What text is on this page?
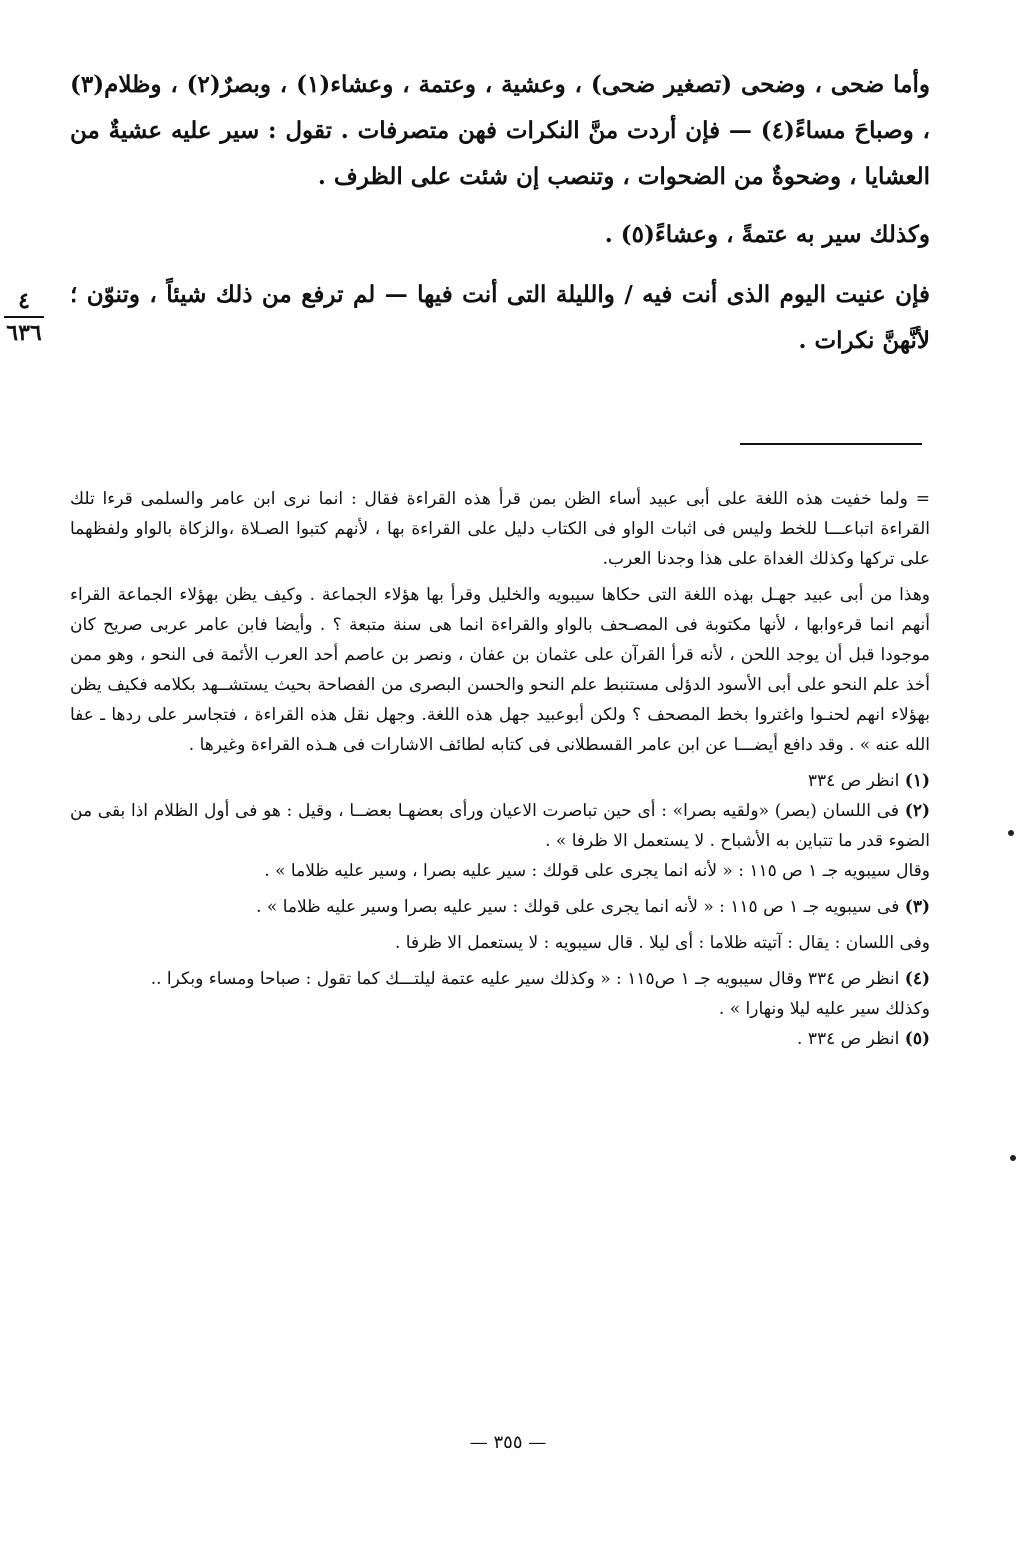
وأما ضحى ، وضحى (تصغير ضحى) ، وعشية ، وعتمة ، وعشاء(١) ، وبصرٌ(٢) ، وظلام(٣) ، وصباحَ مساءً(٤) — فإن أردت منَّ النكرات فهن متصرفات . تقول : سير عليه عشيةٌ من العشايا ، وضحوةٌ من الضحوات ، وتنصب إن شئت على الظرف .

وكذلك سير به عتمةً ، وعشاءً(٥) .

فإن عنيت اليوم الذى أنت فيه / والليلة التى أنت فيها — لم ترفع من ذلك شيئاً ، وتنوّن ؛ لأنَّهنَّ نكرات .

٤
٦٣٦

= ولما خفيت هذه اللغة على أبى عبيد أساء الظن بمن قرأ هذه القراءة فقال : انما نرى ابن عامر والسلمى قرءا تلك القراءة اتباعـــا للخط وليس فى اثبات الواو فى الكتاب دليل على القراءة بها ، لأنهم كتبوا الصـلاة ،والزكاة بالواو ولفظهما على تركها وكذلك الغداة على هذا وجدنا العرب.

وهذا من أبى عبيد جهـل بهذه اللغة التى حكاها سيبويه والخليل وقرأ بها هؤلاء الجماعة . وكيف يظن بهؤلاء الجماعة القراء أنهم انما قرءوابها ، لأنها مكتوبة فى المصـحف بالواو والقراءة انما هى سنة متبعة ؟ . وأيضا فابن عامر عربى صريح كان موجودا قبل أن يوجد اللحن ، لأنه قرأ القرآن على عثمان بن عفان ، ونصر بن عاصم أحد العرب الأئمة فى النحو ، وهو ممن أخذ علم النحو على أبى الأسود الدؤلى مستنبط علم النحو والحسن البصرى من الفصاحة بحيث يستشــهد بكلامه فكيف يظن بهؤلاء انهم لحنـوا واغتروا بخط المصحف ؟ ولكن أبوعبيد جهل هذه اللغة. وجهل نقل هذه القراءة ، فتجاسر على ردها ـ عفا الله عنه » . وقد دافع أيضـــا عن ابن عامر القسطلانى فى كتابه لطائف الاشارات فى هـذه القراءة وغيرها .

(١) انظر ص ٣٣٤

(٢) فى اللسان (بصر) «ولقيه بصرا» : أى حين تباصرت الاعيان ورأى بعضهـا بعضــا ، وقيل : هو فى أول الظلام اذا بقى من الضوء قدر ما تتباين به الأشباح . لا يستعمل الا ظرفا » .

وقال سيبويه جـ ١ ص ١١٥ : « لأنه انما يجرى على قولك : سير عليه بصرا ، وسير عليه ظلاما » .

(٣) فى سيبويه جـ ١ ص ١١٥ : « لأنه انما يجرى على قولك : سير عليه بصرا وسير عليه ظلاما » .

وفى اللسان : يقال : آتيته ظلاما : أى ليلا . قال سيبويه : لا يستعمل الا ظرفا .

(٤) انظر ص ٣٣٤ وقال سيبويه جـ ١ ص١١٥ : « وكذلك سير عليه عتمة ليلتـــك كما تقول : صباحا ومساء وبكرا ..

وكذلك سير عليه ليلا ونهارا » .

(٥) انظر ص ٣٣٤ .

— ٣٥٥ —
